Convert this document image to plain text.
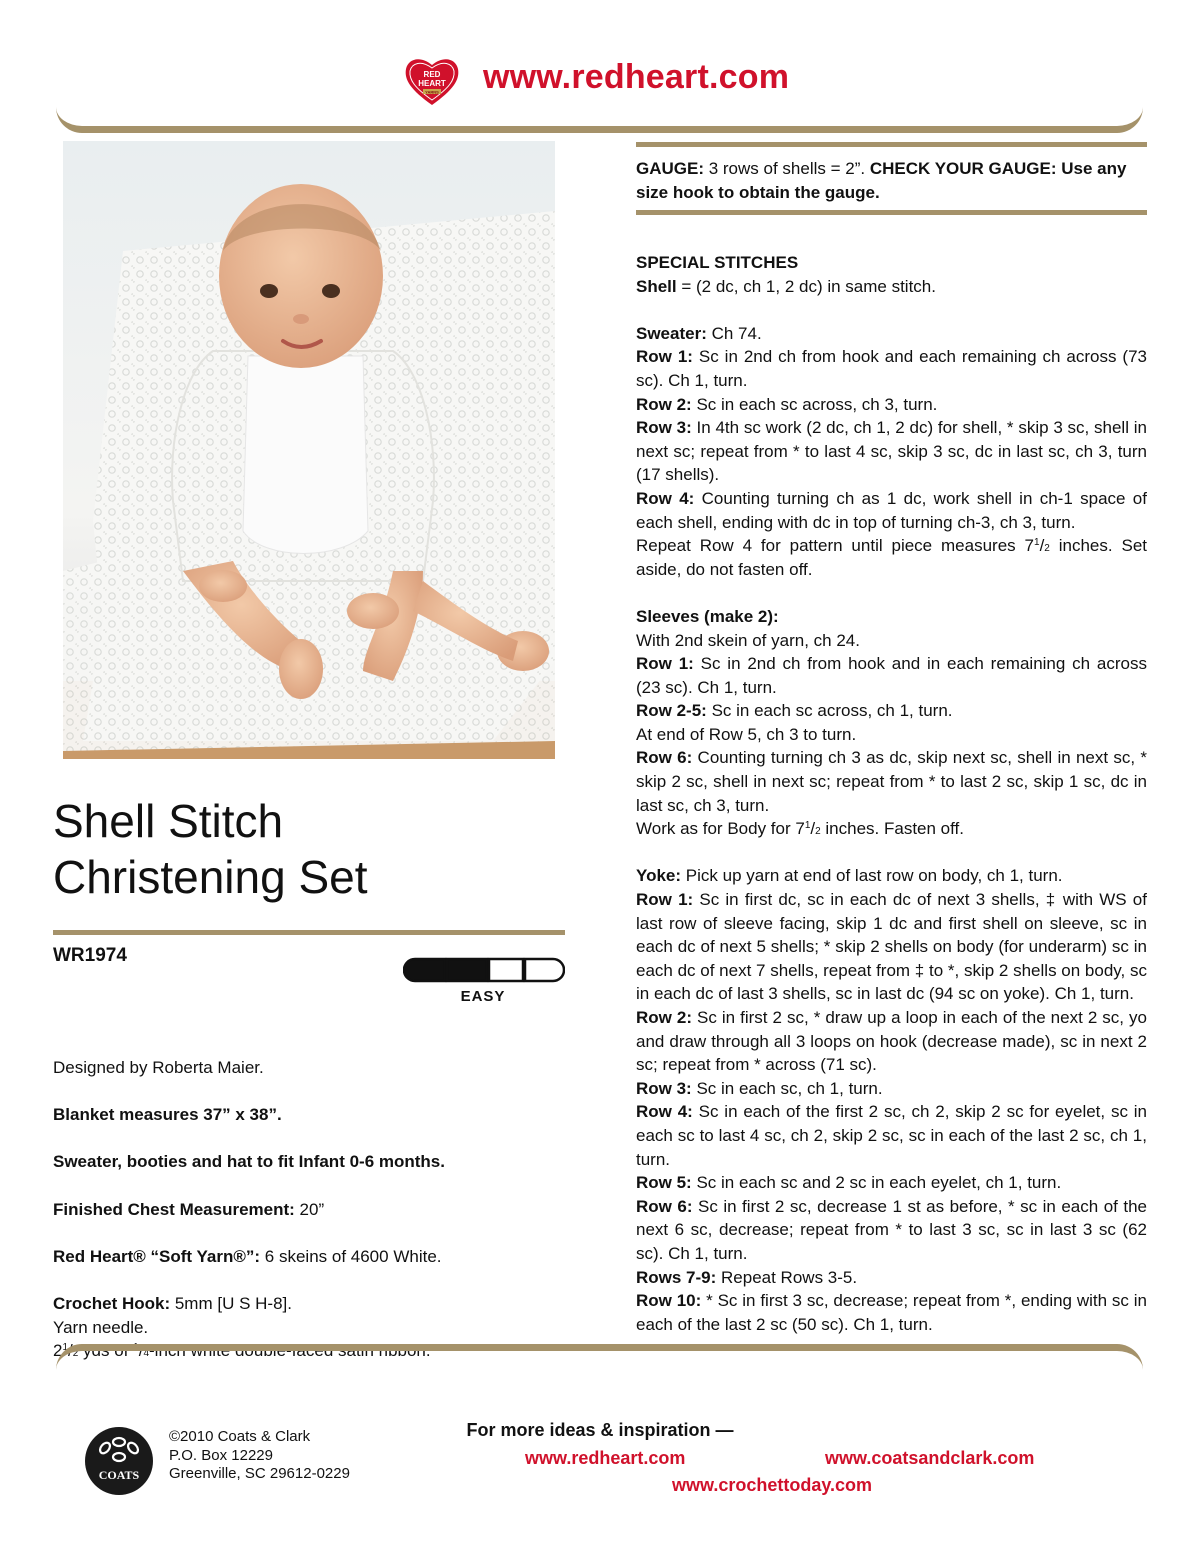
RED
HEART
YARNS www.redheart.com
Shell Stitch
Christening Set
WR1974
EASY

Designed by Roberta Maier.

Blanket measures 37” x 38”.

Sweater, booties and hat to fit Infant 0-6 months.

Finished Chest Measurement: 20”

Red Heart® “Soft Yarn®”: 6 skeins of 4600 White.

Crochet Hook: 5mm [U S H-8].

Yarn needle.

$2^1/2$ yds of $^1$/4-inch white double-faced satin ribbon.

GAUGE: 3 rows of shells = 2”. CHECK YOUR GAUGE: Use any size hook to obtain the gauge.

SPECIAL STITCHES

Shell = (2 dc, ch 1, 2 dc) in same stitch.

Sweater: Ch 74.

Row 1: Sc in 2nd ch from hook and each remaining ch across (73 sc). Ch 1, turn.

Row 2: Sc in each sc across, ch 3, turn.

Row 3: In 4th sc work (2 dc, ch 1, 2 dc) for shell, * skip 3 sc, shell in next sc; repeat from * to last 4 sc, skip 3 sc, dc in last sc, ch 3, turn (17 shells).

Row 4: Counting turning ch as 1 dc, work shell in ch-1 space of each shell, ending with dc in top of turning ch-3, ch 3, turn.

Repeat Row 4 for pattern until piece measures $7^1/2$ inches. Set aside, do not fasten off.

Sleeves (make 2):

With 2nd skein of yarn, ch 24.

Row 1: Sc in 2nd ch from hook and in each remaining ch across (23 sc). Ch 1, turn.

Row 2-5: Sc in each sc across, ch 1, turn.

At end of Row 5, ch 3 to turn.

Row 6: Counting turning ch 3 as dc, skip next sc, shell in next sc, * skip 2 sc, shell in next sc; repeat from * to last 2 sc, skip 1 sc, dc in last sc, ch 3, turn.

Work as for Body for $7^1/2$ inches. Fasten off.

Yoke: Pick up yarn at end of last row on body, ch 1, turn.

Row 1: Sc in first dc, sc in each dc of next 3 shells, ‡ with WS of last row of sleeve facing, skip 1 dc and first shell on sleeve, sc in each dc of next 5 shells; * skip 2 shells on body (for underarm) sc in each dc of next 7 shells, repeat from ‡ to *, skip 2 shells on body, sc in each dc of last 3 shells, sc in last dc (94 sc on yoke). Ch 1, turn.

Row 2: Sc in first 2 sc, * draw up a loop in each of the next 2 sc, yo and draw through all 3 loops on hook (decrease made), sc in next 2 sc; repeat from * across (71 sc).

Row 3: Sc in each sc, ch 1, turn.

Row 4: Sc in each of the first 2 sc, ch 2, skip 2 sc for eyelet, sc in each sc to last 4 sc, ch 2, skip 2 sc, sc in each of the last 2 sc, ch 1, turn.

Row 5: Sc in each sc and 2 sc in each eyelet, ch 1, turn.

Row 6: Sc in first 2 sc, decrease 1 st as before, * sc in each of the next 6 sc, decrease; repeat from * to last 3 sc, sc in last 3 sc (62 sc). Ch 1, turn.

Rows 7-9: Repeat Rows 3-5.

Row 10: * Sc in first 3 sc, decrease; repeat from *, ending with sc in each of the last 2 sc (50 sc). Ch 1, turn.

COATS
©2010 Coats & Clark
P.O. Box 12229
Greenville, SC 29612-0229
For more ideas & inspiration —
www.redheart.com	www.coatsandclark.com
www.crochettoday.com
